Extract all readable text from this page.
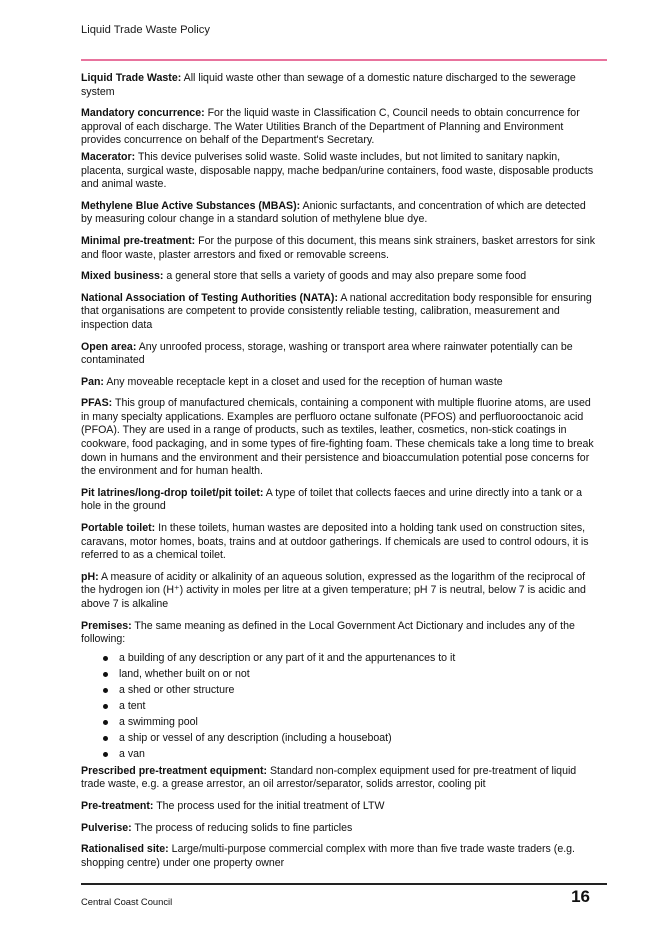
Liquid Trade Waste Policy

Liquid Trade Waste: All liquid waste other than sewage of a domestic nature discharged to the sewerage system

Mandatory concurrence: For the liquid waste in Classification C, Council needs to obtain concurrence for approval of each discharge. The Water Utilities Branch of the Department of Planning and Environment provides concurrence on behalf of the Department's Secretary.

Macerator: This device pulverises solid waste. Solid waste includes, but not limited to sanitary napkin, placenta, surgical waste, disposable nappy, mache bedpan/urine containers, food waste, disposable products and animal waste.

Methylene Blue Active Substances (MBAS): Anionic surfactants, and concentration of which are detected by measuring colour change in a standard solution of methylene blue dye.

Minimal pre-treatment: For the purpose of this document, this means sink strainers, basket arrestors for sink and floor waste, plaster arrestors and fixed or removable screens.

Mixed business: a general store that sells a variety of goods and may also prepare some food

National Association of Testing Authorities (NATA): A national accreditation body responsible for ensuring that organisations are competent to provide consistently reliable testing, calibration, measurement and inspection data

Open area: Any unroofed process, storage, washing or transport area where rainwater potentially can be contaminated

Pan: Any moveable receptacle kept in a closet and used for the reception of human waste

PFAS: This group of manufactured chemicals, containing a component with multiple fluorine atoms, are used in many specialty applications. Examples are perfluoro octane sulfonate (PFOS) and perfluorooctanoic acid (PFOA). They are used in a range of products, such as textiles, leather, cosmetics, non-stick coatings in cookware, food packaging, and in some types of fire-fighting foam. These chemicals take a long time to break down in humans and the environment and their persistence and bioaccumulation potential pose concerns for the environment and for human health.

Pit latrines/long-drop toilet/pit toilet: A type of toilet that collects faeces and urine directly into a tank or a hole in the ground

Portable toilet: In these toilets, human wastes are deposited into a holding tank used on construction sites, caravans, motor homes, boats, trains and at outdoor gatherings. If chemicals are used to control odours, it is referred to as a chemical toilet.

pH: A measure of acidity or alkalinity of an aqueous solution, expressed as the logarithm of the reciprocal of the hydrogen ion (H⁺) activity in moles per litre at a given temperature; pH 7 is neutral, below 7 is acidic and above 7 is alkaline

Premises: The same meaning as defined in the Local Government Act Dictionary and includes any of the following:

a building of any description or any part of it and the appurtenances to it
land, whether built on or not
a shed or other structure
a tent
a swimming pool
a ship or vessel of any description (including a houseboat)
a van

Prescribed pre-treatment equipment: Standard non-complex equipment used for pre-treatment of liquid trade waste, e.g. a grease arrestor, an oil arrestor/separator, solids arrestor, cooling pit

Pre-treatment: The process used for the initial treatment of LTW

Pulverise: The process of reducing solids to fine particles

Rationalised site: Large/multi-purpose commercial complex with more than five trade waste traders (e.g. shopping centre) under one property owner

Central Coast Council	16
